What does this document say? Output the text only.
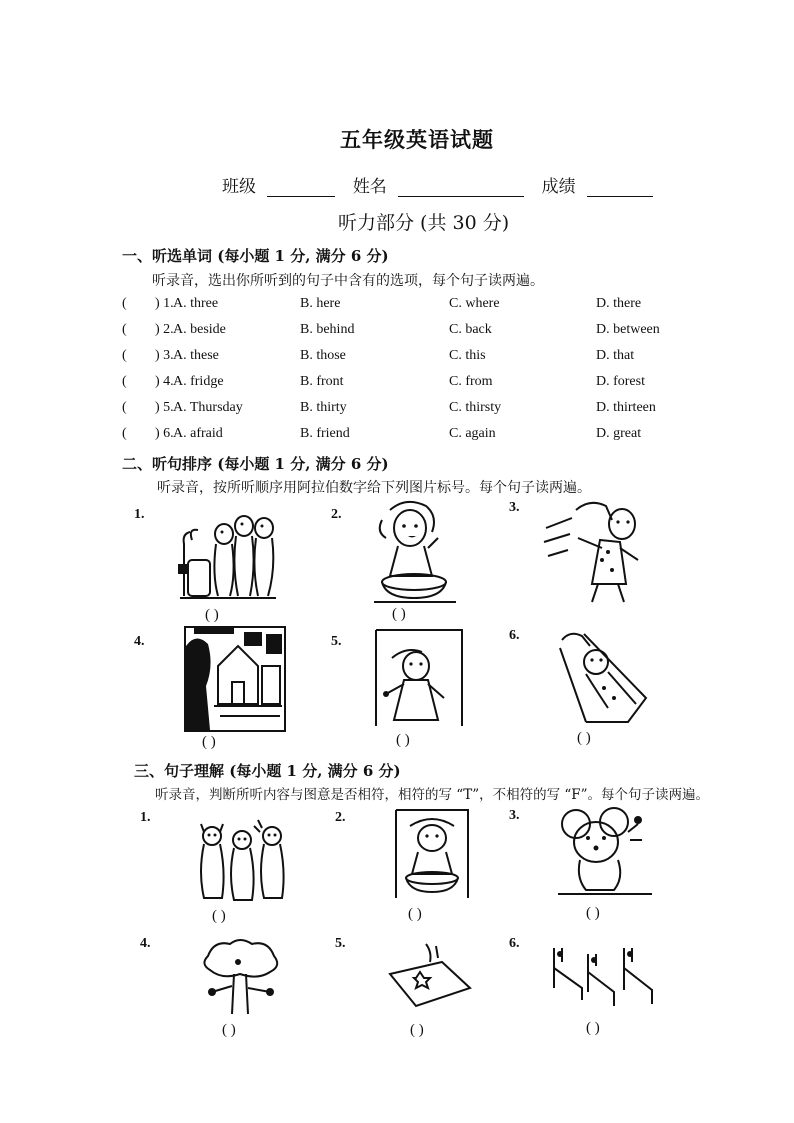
五年级英语试题
班级	姓名	成绩
听力部分 (共 30 分)
一、听选单词 (每小题 1 分, 满分 6 分)
听录音，选出你所听到的句子中含有的选项，每个句子读两遍。
( ) 1. A. three	B. here	C. where	D. there
( ) 2. A. beside	B. behind	C. back	D. between
( ) 3. A. these	B. those	C. this	D. that
( ) 4. A. fridge	B. front	C. from	D. forest
( ) 5. A. Thursday	B. thirty	C. thirsty	D. thirteen
( ) 6. A. afraid	B. friend	C. again	D. great
二、听句排序 (每小题 1 分, 满分 6 分)
听录音，按所听顺序用阿拉伯数字给下列图片标号。每个句子读两遍。
1.	2.	3.
4.	5.	6.
( )	( )
( )	( )	( )
三、句子理解 (每小题 1 分, 满分 6 分)
听录音，判断所听内容与图意是否相符，相符的写 “T”，不相符的写 “F”。每个句子读两遍。
1.	2.	3.
4.	5.	6.
( )	( )	( )
( )	( )	( )
